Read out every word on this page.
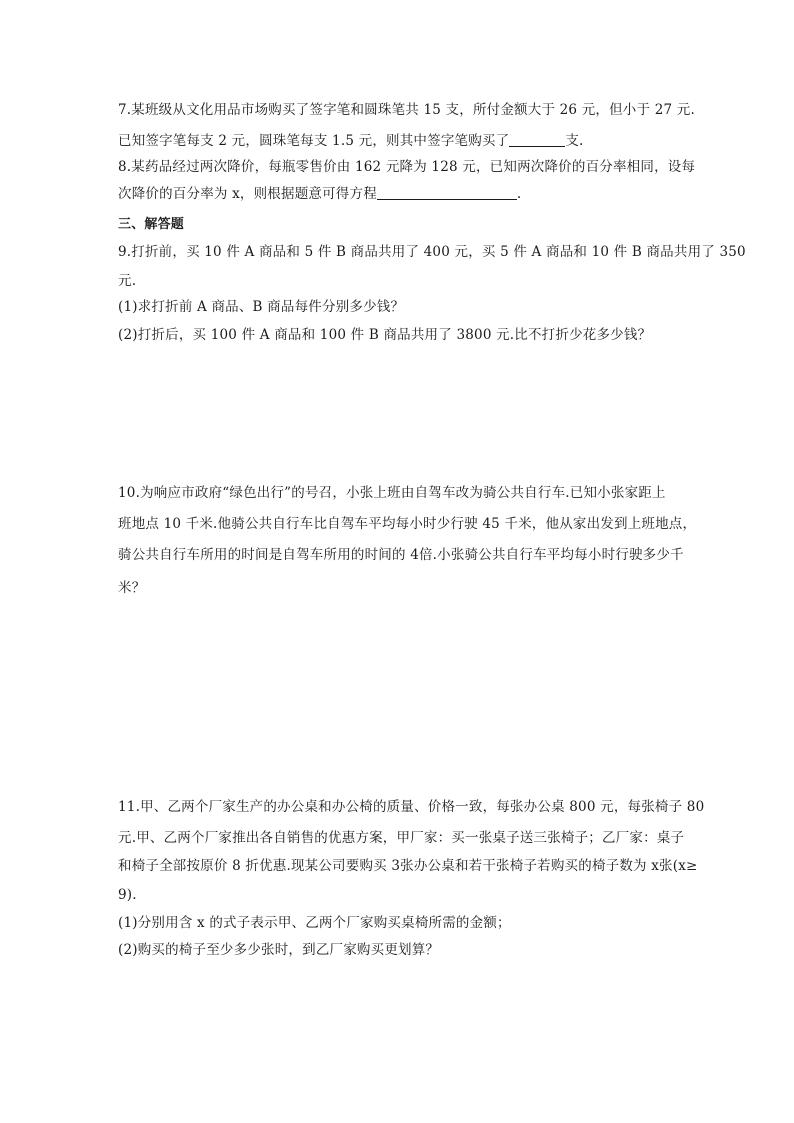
7.某班级从文化用品市场购买了签字笔和圆珠笔共 15 支，所付金额大于 26 元，但小于 27 元.
已知签字笔每支 2 元，圆珠笔每支 1.5 元，则其中签字笔购买了	支.
8.某药品经过两次降价，每瓶零售价由 162 元降为 128 元，已知两次降价的百分率相同，设每
次降价的百分率为 x，则根据题意可得方程	.
三、解答题
9.打折前，买 10 件 A 商品和 5 件 B 商品共用了 400 元，买 5 件 A 商品和 10 件 B 商品共用了 350
元.
(1)求打折前 A 商品、B 商品每件分别多少钱？
(2)打折后，买 100 件 A 商品和 100 件 B 商品共用了 3800 元.比不打折少花多少钱？
10.为响应市政府“绿色出行”的号召，小张上班由自驾车改为骑公共自行车.已知小张家距上
班地点 10 千米.他骑公共自行车比自驾车平均每小时少行驶 45 千米，他从家出发到上班地点，
骑公共自行车所用的时间是自驾车所用的时间的 4倍.小张骑公共自行车平均每小时行驶多少千
米？
11.甲、乙两个厂家生产的办公桌和办公椅的质量、价格一致，每张办公桌 800 元，每张椅子 80
元.甲、乙两个厂家推出各自销售的优惠方案，甲厂家：买一张桌子送三张椅子；乙厂家：桌子
和椅子全部按原价 8 折优惠.现某公司要购买 3张办公桌和若干张椅子若购买的椅子数为 x张(x≥
9).
(1)分别用含 x 的式子表示甲、乙两个厂家购买桌椅所需的金额；
(2)购买的椅子至少多少张时，到乙厂家购买更划算？
